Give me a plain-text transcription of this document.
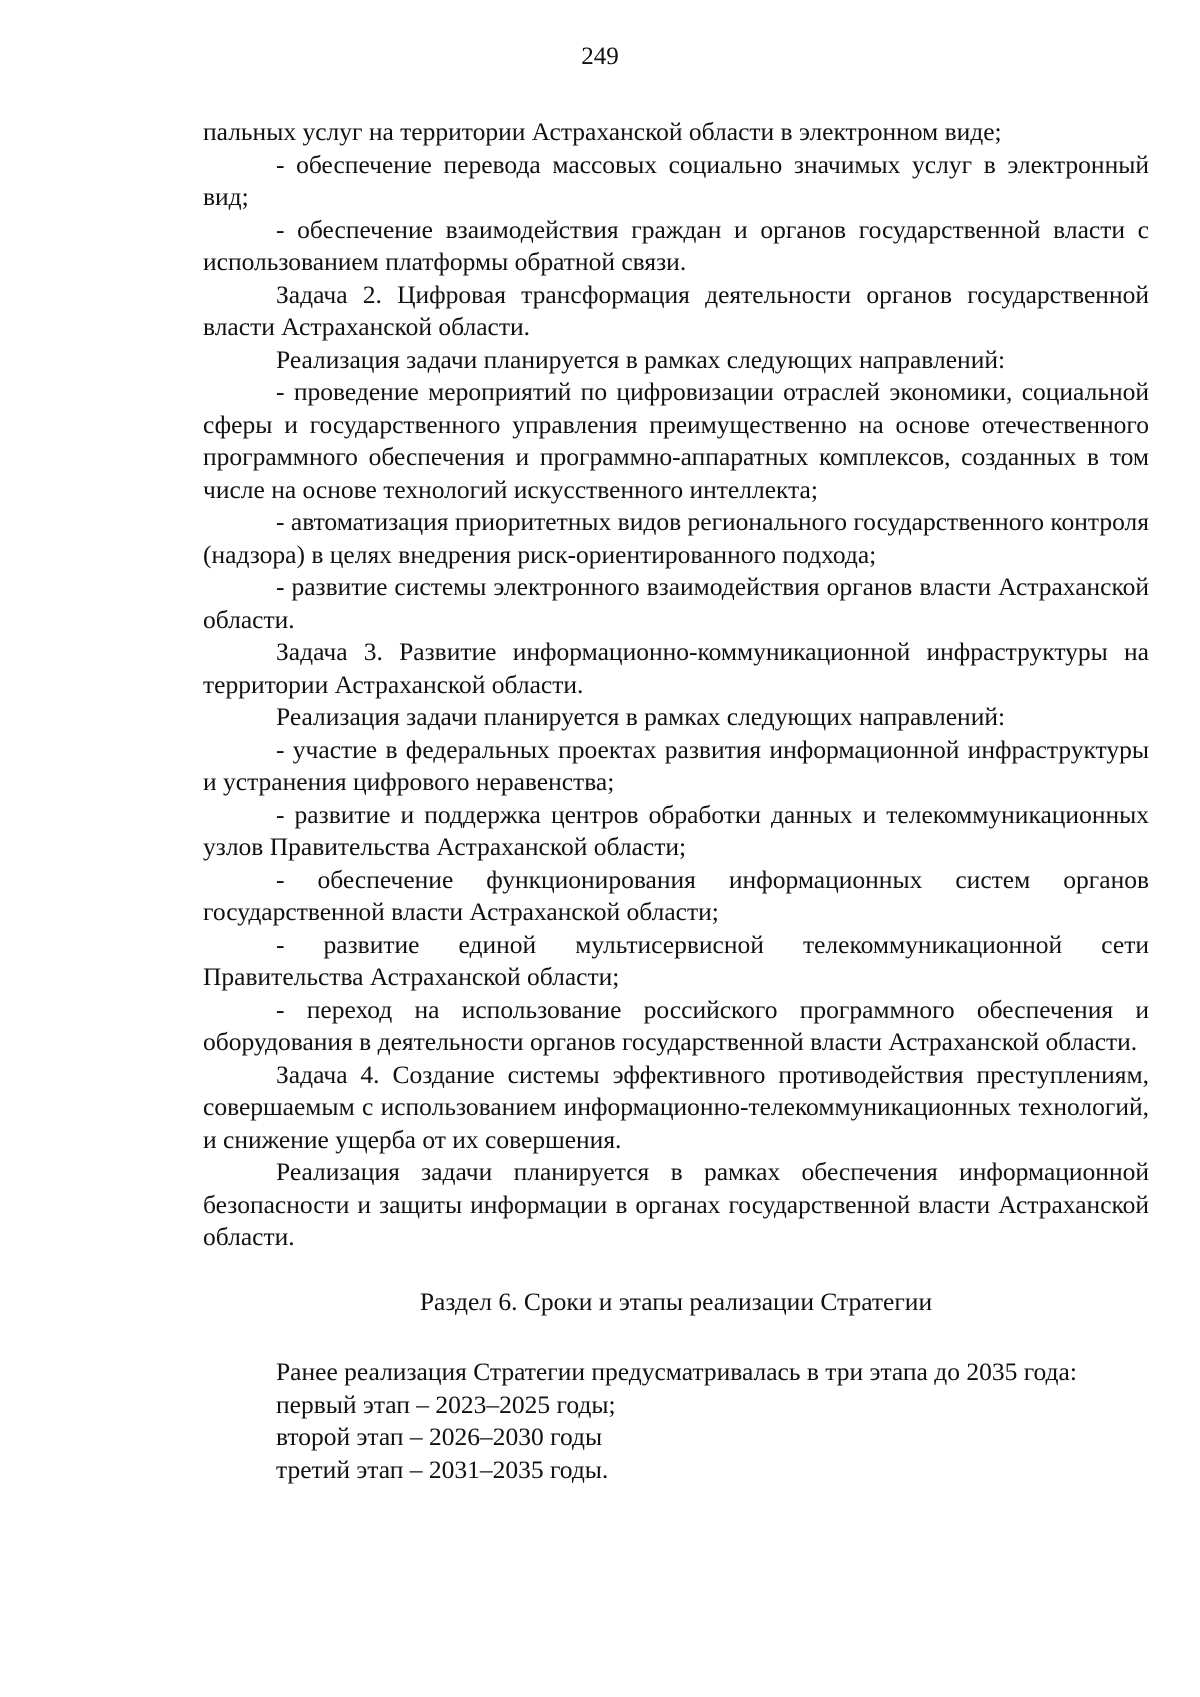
249

пальных услуг на территории Астраханской области в электронном виде;

- обеспечение перевода массовых социально значимых услуг в электронный вид;

- обеспечение взаимодействия граждан и органов государственной власти с использованием платформы обратной связи.

Задача 2. Цифровая трансформация деятельности органов государственной власти Астраханской области.

Реализация задачи планируется в рамках следующих направлений:

- проведение мероприятий по цифровизации отраслей экономики, социальной сферы и государственного управления преимущественно на основе отечественного программного обеспечения и программно-аппаратных комплексов, созданных в том числе на основе технологий искусственного интеллекта;

- автоматизация приоритетных видов регионального государственного контроля (надзора) в целях внедрения риск-ориентированного подхода;

- развитие системы электронного взаимодействия органов власти Астраханской области.

Задача 3. Развитие информационно-коммуникационной инфраструктуры на территории Астраханской области.

Реализация задачи планируется в рамках следующих направлений:

- участие в федеральных проектах развития информационной инфраструктуры и устранения цифрового неравенства;

- развитие и поддержка центров обработки данных и телекоммуникационных узлов Правительства Астраханской области;

- обеспечение функционирования информационных систем органов государственной власти Астраханской области;

- развитие единой мультисервисной телекоммуникационной сети Правительства Астраханской области;

- переход на использование российского программного обеспечения и оборудования в деятельности органов государственной власти Астраханской области.

Задача 4. Создание системы эффективного противодействия преступлениям, совершаемым с использованием информационно-телекоммуникационных технологий, и снижение ущерба от их совершения.

Реализация задачи планируется в рамках обеспечения информационной безопасности и защиты информации в органах государственной власти Астраханской области.

Раздел 6. Сроки и этапы реализации Стратегии

Ранее реализация Стратегии предусматривалась в три этапа до 2035 года:

первый этап – 2023–2025 годы;
второй этап – 2026–2030 годы
третий этап – 2031–2035 годы.
